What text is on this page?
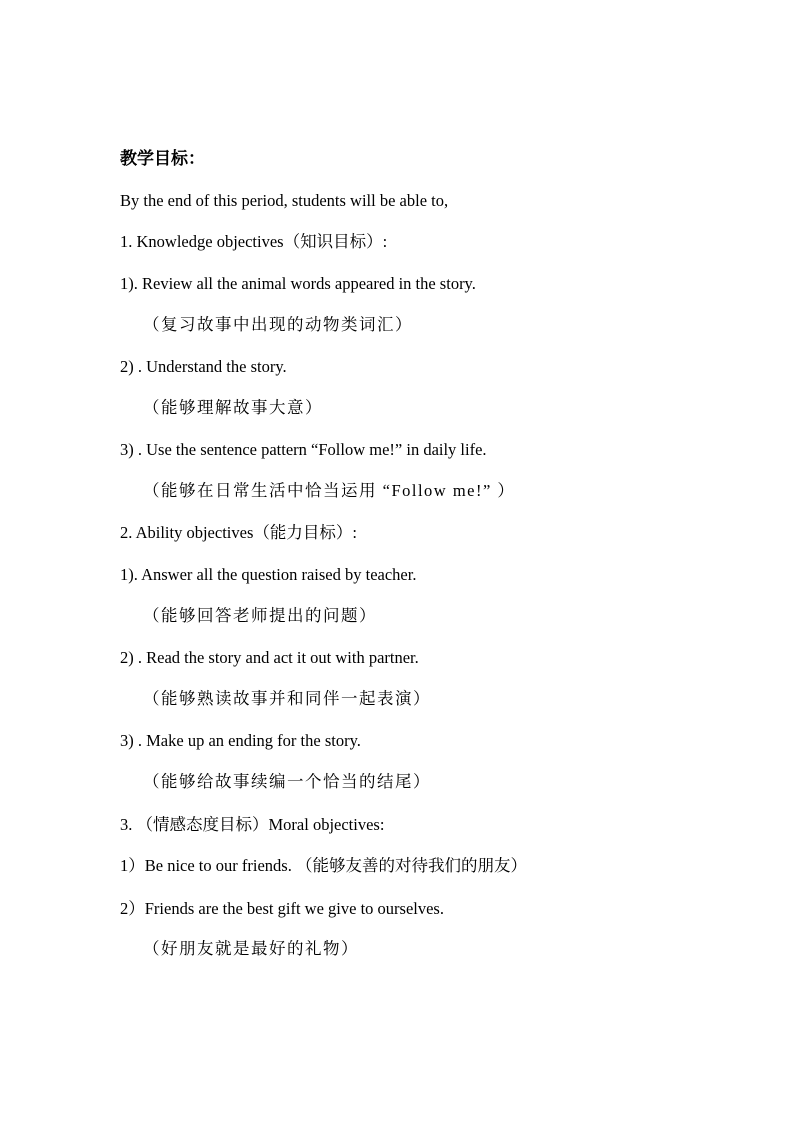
教学目标：
By the end of this period, students will be able to,
1. Knowledge objectives（知识目标）:
1). Review all the animal words appeared in the story.
（复习故事中出现的动物类词汇）
2) . Understand the story.
（能够理解故事大意）
3) . Use the sentence pattern “Follow me!” in daily life.
（能够在日常生活中恰当运用 “Follow me!” ）
2. Ability objectives（能力目标）:
1). Answer all the question raised by teacher.
（能够回答老师提出的问题）
2) . Read the story and act it out with partner.
（能够熟读故事并和同伴一起表演）
3) . Make up an ending for the story.
（能够给故事续编一个恰当的结尾）
3. （情感态度目标）Moral objectives:
1）Be nice to our friends. （能够友善的对待我们的朋友）
2）Friends are the best gift we give to ourselves.
（好朋友就是最好的礼物）
